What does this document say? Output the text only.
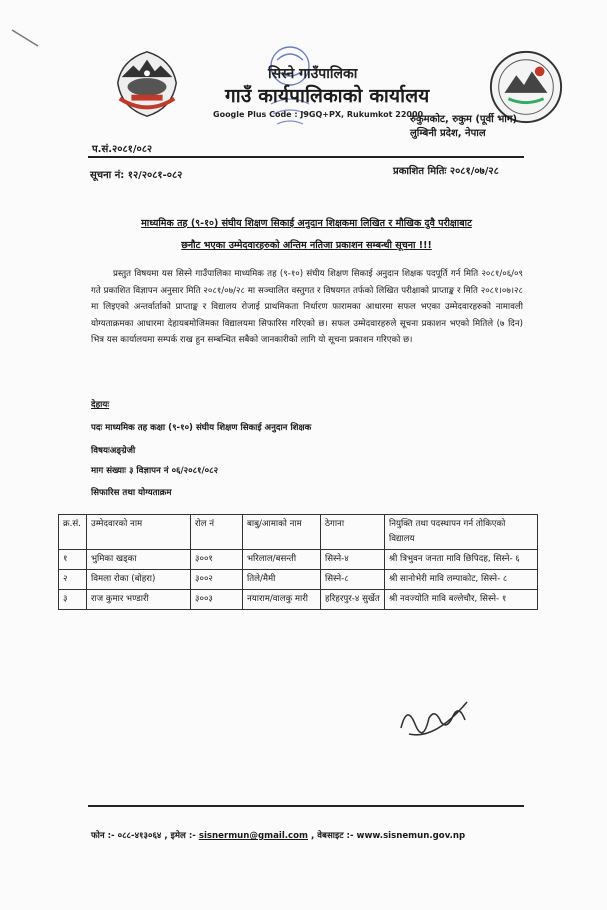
सिस्ने गाउँपालिका
गाउँ कार्यपालिकाको कार्यालय
Google Plus Code : J9GQ+PX, Rukumkot 22000
प.सं.२०८१/०८२
रुकुमकोट, रुकुम (पूर्वी भाग)
लुम्बिनी प्रदेश, नेपाल
सूचना नं: १२/२०८१-०८२	प्रकाशित मितिः २०८१/०७/२८
माध्यमिक तह (९-१०) संघीय शिक्षण सिकाई अनुदान शिक्षकमा लिखित र मौखिक दुवै परीक्षाबाट
छनौट भएका उम्मेदवारहरुको अन्तिम नतिजा प्रकाशन सम्बन्धी सूचना !!!
प्रस्तुत विषयमा यस सिस्ने गाउँपालिका माध्यमिक तह (९-१०) संघीय शिक्षण सिकाई अनुदान शिक्षक पदपूर्ति गर्न मिति २०८१/०६/०९ गते प्रकाशित विज्ञापन अनुसार मिति २०८१/०७/२८ मा सञ्चालित वस्तुगत र विषयगत तर्फको लिखित परीक्षाको प्राप्ताङ्क र मिति २०८१।०७।२८ मा लिइएको अन्तर्वार्ताको प्राप्ताङ्क र विद्यालय रोजाई प्राथमिकता निर्धारण फारामका आधारमा सफल भएका उम्मेदवारहरुको नामावली योग्यताक्रमका आधारमा देहायबमोजिमका विद्यालयमा सिफारिस गरिएको छ। सफल उम्मेदवारहरुले सूचना प्रकाशन भएको मितिले (७ दिन) भित्र यस कार्यालयमा सम्पर्क राख हुन सम्बन्धित सबैको जानकारीको लागि यो सूचना प्रकाशन गरिएको छ।
देहायः
पदः माध्यमिक तह कक्षा (९-१०) संघीय शिक्षण सिकाई अनुदान शिक्षक
विषयःअङ्ग्रेजी
माग संख्याः ३ विज्ञापन नं ०६/२०८१/०८२
सिफारिस तथा योग्यताक्रम
क्र.सं.	उम्मेदवारको नाम	रोल नं	बाबु/आमाको नाम	ठेगाना	नियुक्ति तथा पदस्थापन गर्न तोकिएको विद्यालय
१	भुमिका खड्का	३००१	भरिलाल/बसन्ती	सिस्ने-४	श्री त्रिभुवन जनता मावि छिपिदह, सिस्ने- ६
२	विमला रोका (बोहरा)	३००२	तिले/मैमी	सिस्ने-८	श्री सानोभेरी मावि लम्पाकोट, सिस्ने- ८
३	राज कुमार भण्डारी	३००३	नयाराम/वालकु मारी	हरिहरपुर-४ सुर्खेत	श्री नवज्योति मावि बल्लेचौर, सिस्ने- १
फोन :- ०८८-४१३०६४ , इमेल :- sisnermun@gmail.com , वेबसाइट :- www.sisnemun.gov.np
